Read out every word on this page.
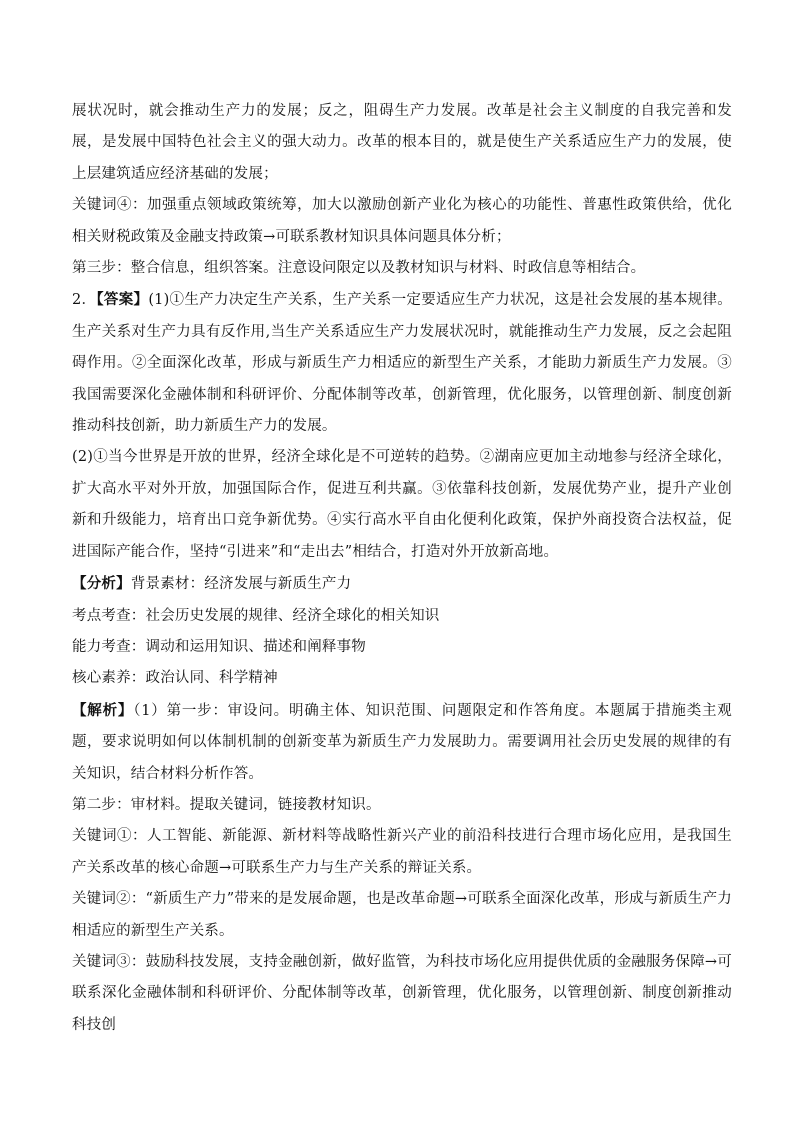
展状况时，就会推动生产力的发展；反之，阻碍生产力发展。改革是社会主义制度的自我完善和发展，是发展中国特色社会主义的强大动力。改革的根本目的，就是使生产关系适应生产力的发展，使上层建筑适应经济基础的发展；

关键词④：加强重点领域政策统筹，加大以激励创新产业化为核心的功能性、普惠性政策供给，优化相关财税政策及金融支持政策→可联系教材知识具体问题具体分析；

第三步：整合信息，组织答案。注意设问限定以及教材知识与材料、时政信息等相结合。

2．【答案】(1)①生产力决定生产关系，生产关系一定要适应生产力状况，这是社会发展的基本规律。生产关系对生产力具有反作用,当生产关系适应生产力发展状况时，就能推动生产力发展，反之会起阻碍作用。②全面深化改革，形成与新质生产力相适应的新型生产关系，才能助力新质生产力发展。③我国需要深化金融体制和科研评价、分配体制等改革，创新管理，优化服务，以管理创新、制度创新推动科技创新，助力新质生产力的发展。

(2)①当今世界是开放的世界，经济全球化是不可逆转的趋势。②湖南应更加主动地参与经济全球化，扩大高水平对外开放，加强国际合作，促进互利共赢。③依靠科技创新，发展优势产业，提升产业创新和升级能力，培育出口竞争新优势。④实行高水平自由化便利化政策，保护外商投资合法权益，促进国际产能合作，坚持“引进来”和“走出去”相结合，打造对外开放新高地。

【分析】背景素材：经济发展与新质生产力

考点考查：社会历史发展的规律、经济全球化的相关知识

能力考查：调动和运用知识、描述和阐释事物

核心素养：政治认同、科学精神

【解析】（1）第一步：审设问。明确主体、知识范围、问题限定和作答角度。本题属于措施类主观题，要求说明如何以体制机制的创新变革为新质生产力发展助力。需要调用社会历史发展的规律的有关知识，结合材料分析作答。

第二步：审材料。提取关键词，链接教材知识。

关键词①：人工智能、新能源、新材料等战略性新兴产业的前沿科技进行合理市场化应用，是我国生产关系改革的核心命题→可联系生产力与生产关系的辩证关系。

关键词②：“新质生产力”带来的是发展命题，也是改革命题→可联系全面深化改革，形成与新质生产力相适应的新型生产关系。

关键词③：鼓励科技发展，支持金融创新，做好监管，为科技市场化应用提供优质的金融服务保障→可联系深化金融体制和科研评价、分配体制等改革，创新管理，优化服务，以管理创新、制度创新推动科技创
